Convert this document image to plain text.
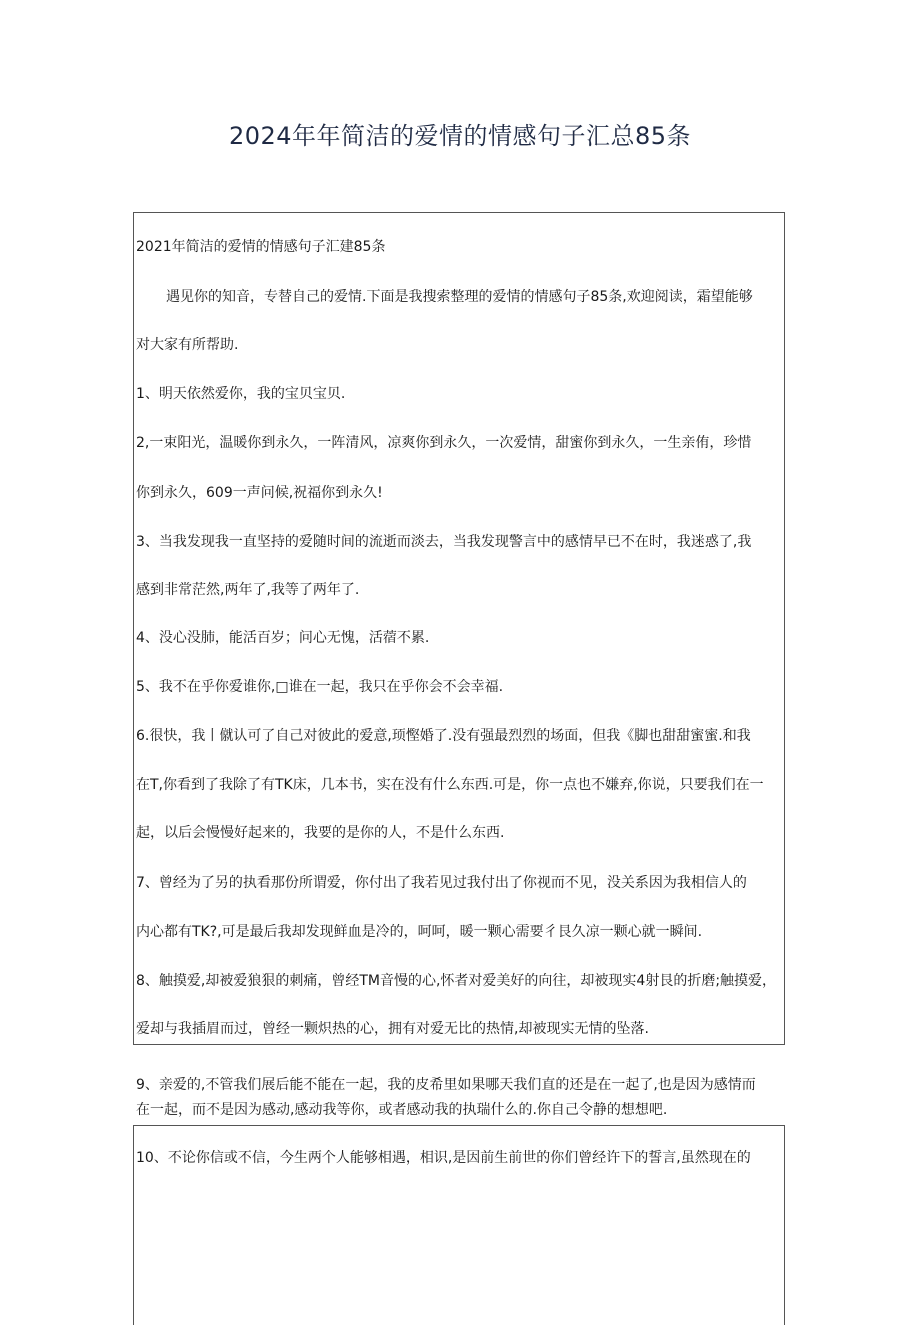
2024年年简洁的爱情的情感句子汇总85条
2021年简洁的爱情的情感句子汇建85条
遇见你的知音，专替自己的爱情.下面是我搜索整理的爱情的情感句子85条,欢迎阅读，霜望能够
对大家有所帮助.
1、明天依然爱你，我的宝贝宝贝.
2,一束阳光，温暖你到永久，一阵清风，凉爽你到永久，一次爱情，甜蜜你到永久，一生亲侑，珍惜
你到永久，609一声问候,祝福你到永久!
3、当我发现我一直坚持的爱随时间的流逝而淡去，当我发现警言中的感情早已不在时，我迷惑了,我
感到非常茫然,两年了,我等了两年了.
4、没心没肺，能活百岁；问心无愧，活蓿不累.
5、我不在乎你爱谁你,□谁在一起，我只在乎你会不会幸福.
6.很快，我丨僦认可了自己对彼此的爱意,顼慳婚了.没有强最烈烈的场面，但我《脚也甜甜蜜蜜.和我
在T,你看到了我除了有TK床，几本书，实在没有什么东西.可是，你一点也不嫌弃,你说，只要我们在一
起，以后会慢慢好起来的，我要的是你的人，不是什么东西.
7、曾经为了另的执看那份所谓爱，你付出了我若见过我付出了你视而不见，没关系因为我相信人的
内心都有TK?,可是最后我却发现鲜血是冷的，呵呵，暖一颗心需要彳艮久凉一颗心就一瞬间.
8、触摸爱,却被爱狼狠的刺痛，曾经TM音慢的心,怀者对爱美好的向往，却被现实4射艮的折磨;触摸爱，
爱却与我插眉而过，曾经一颗炽热的心，拥有对爱无比的热情,却被现实无情的坠落.
9、亲爱的,不管我们展后能不能在一起，我的皮希里如果哪天我们直的还是在一起了,也是因为感情而
在一起，而不是因为感动,感动我等你，或者感动我的执瑞什么的.你自己令静的想想吧.
10、不论你信或不信，今生两个人能够相遇，相识,是因前生前世的你们曾经许下的誓言,虽然现在的
